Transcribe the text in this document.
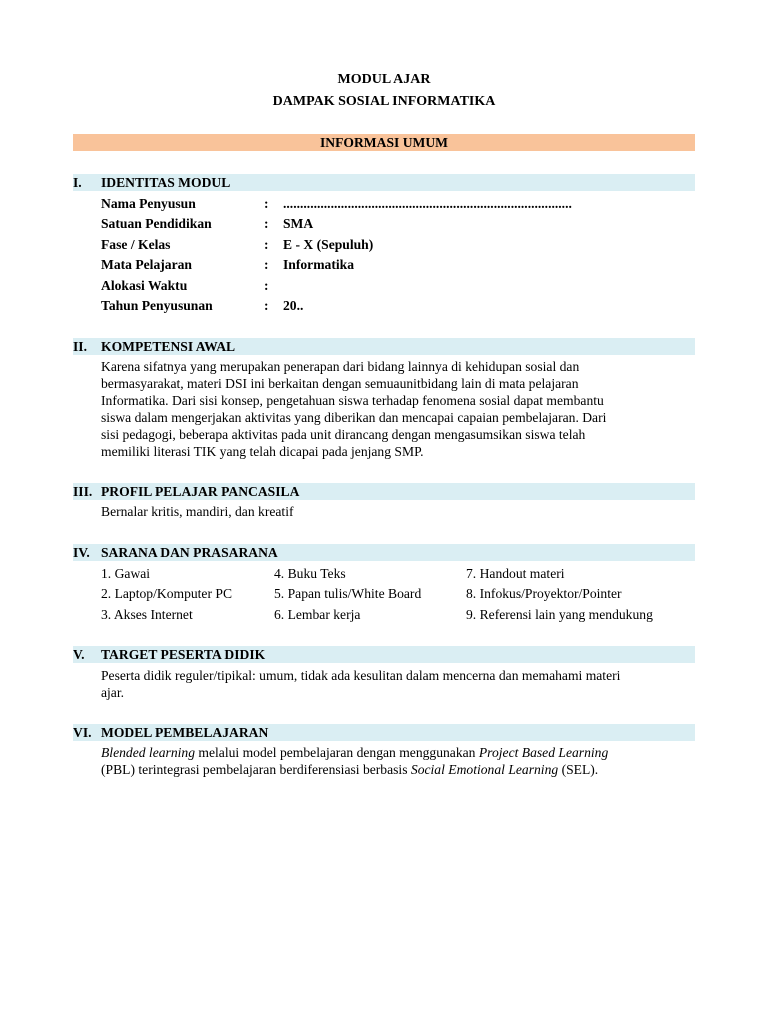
MODUL AJAR
DAMPAK SOSIAL INFORMATIKA
INFORMASI UMUM
I. IDENTITAS MODUL
Nama Penyusun	: .....................................................................................
Satuan Pendidikan	: SMA
Fase / Kelas	: E - X (Sepuluh)
Mata Pelajaran	: Informatika
Alokasi Waktu	:
Tahun Penyusunan	: 20..
II. KOMPETENSI AWAL
Karena sifatnya yang merupakan penerapan dari bidang lainnya di kehidupan sosial dan
bermasyarakat, materi DSI ini berkaitan dengan semuaunitbidang lain di mata pelajaran
Informatika. Dari sisi konsep, pengetahuan siswa terhadap fenomena sosial dapat membantu
siswa dalam mengerjakan aktivitas yang diberikan dan mencapai capaian pembelajaran. Dari
sisi pedagogi, beberapa aktivitas pada unit dirancang dengan mengasumsikan siswa telah
memiliki literasi TIK yang telah dicapai pada jenjang SMP.
III. PROFIL PELAJAR PANCASILA
Bernalar kritis, mandiri, dan kreatif
IV. SARANA DAN PRASARANA
1. Gawai	4. Buku Teks	7. Handout materi
2. Laptop/Komputer PC	5. Papan tulis/White Board	8. Infokus/Proyektor/Pointer
3. Akses Internet	6. Lembar kerja	9. Referensi lain yang mendukung
V. TARGET PESERTA DIDIK
Peserta didik reguler/tipikal: umum, tidak ada kesulitan dalam mencerna dan memahami materi
ajar.
VI. MODEL PEMBELAJARAN
Blended learning melalui model pembelajaran dengan menggunakan Project Based Learning
(PBL) terintegrasi pembelajaran berdiferensiasi berbasis Social Emotional Learning (SEL).
